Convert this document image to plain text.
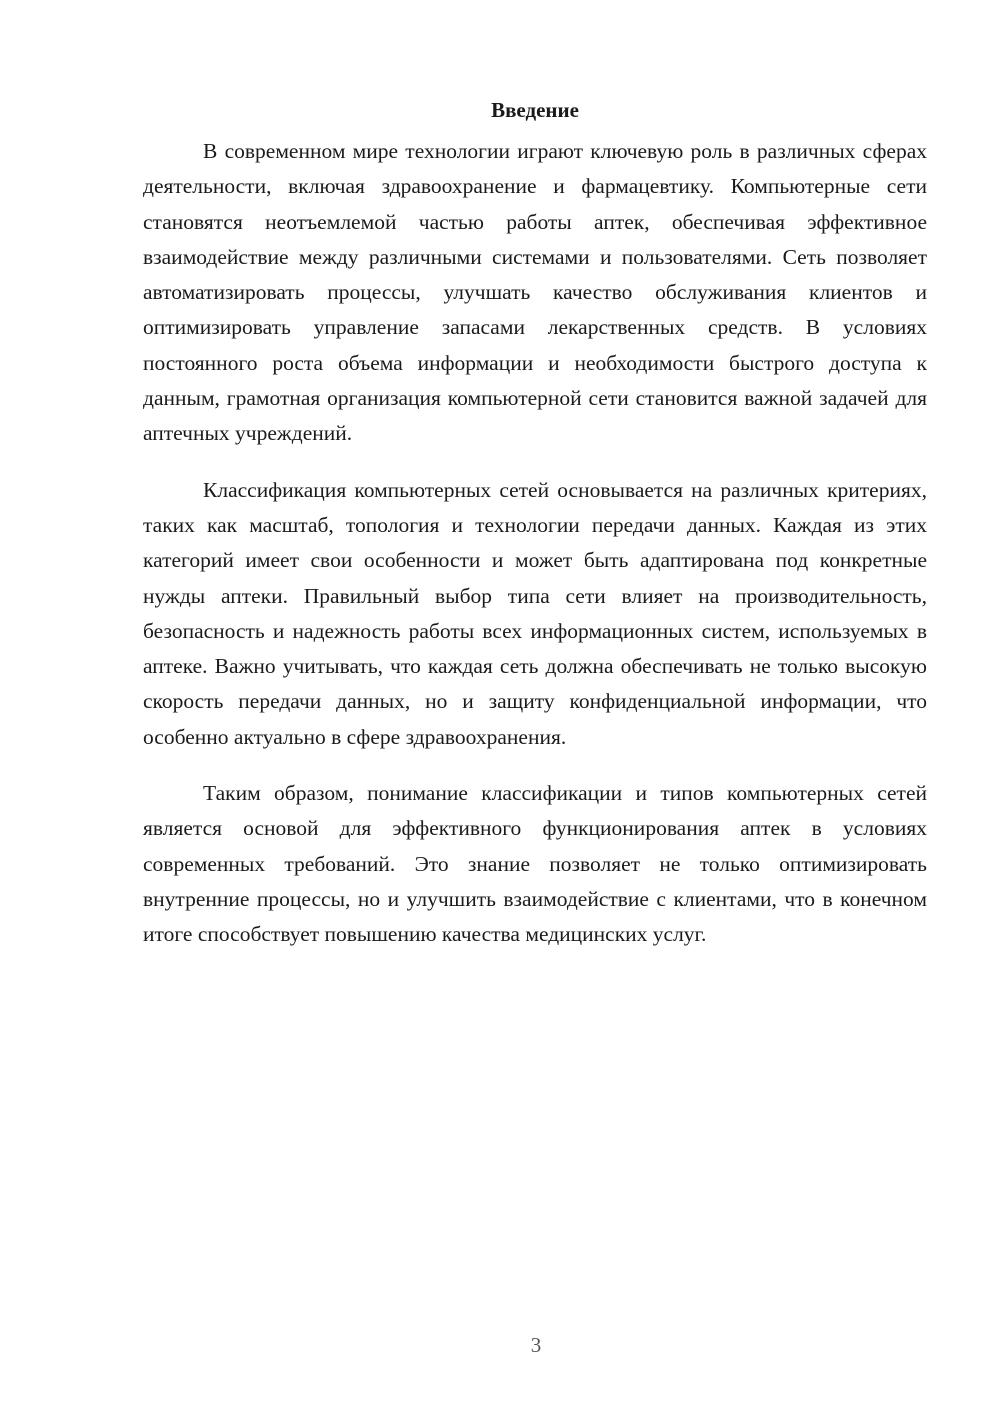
Введение

В современном мире технологии играют ключевую роль в различных сферах деятельности, включая здравоохранение и фармацевтику. Компьютерные сети становятся неотъемлемой частью работы аптек, обеспечивая эффективное взаимодействие между различными системами и пользователями. Сеть позволяет автоматизировать процессы, улучшать качество обслуживания клиентов и оптимизировать управление запасами лекарственных средств. В условиях постоянного роста объема информации и необходимости быстрого доступа к данным, грамотная организация компьютерной сети становится важной задачей для аптечных учреждений.

Классификация компьютерных сетей основывается на различных критериях, таких как масштаб, топология и технологии передачи данных. Каждая из этих категорий имеет свои особенности и может быть адаптирована под конкретные нужды аптеки. Правильный выбор типа сети влияет на производительность, безопасность и надежность работы всех информационных систем, используемых в аптеке. Важно учитывать, что каждая сеть должна обеспечивать не только высокую скорость передачи данных, но и защиту конфиденциальной информации, что особенно актуально в сфере здравоохранения.

Таким образом, понимание классификации и типов компьютерных сетей является основой для эффективного функционирования аптек в условиях современных требований. Это знание позволяет не только оптимизировать внутренние процессы, но и улучшить взаимодействие с клиентами, что в конечном итоге способствует повышению качества медицинских услуг.

3
